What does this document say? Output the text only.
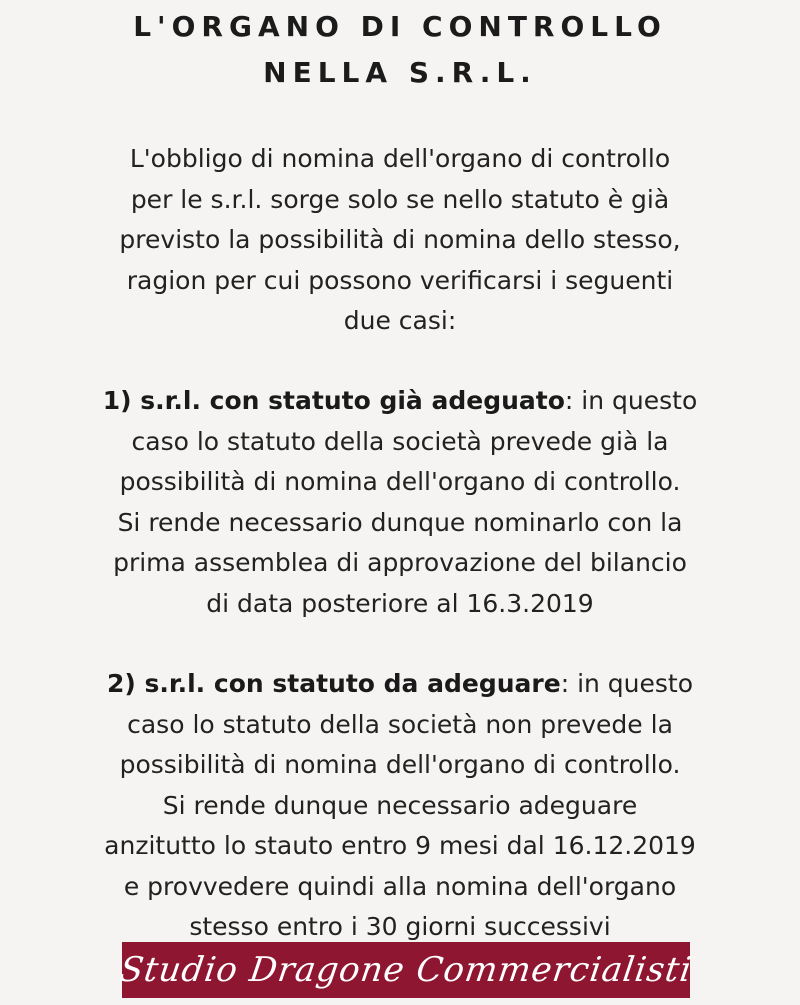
L'ORGANO DI CONTROLLO
NELLA S.R.L.
L'obbligo di nomina dell'organo di controllo
per le s.r.l. sorge solo se nello statuto è già
previsto la possibilità di nomina dello stesso,
ragion per cui possono verificarsi i seguenti
due casi:
1) s.r.l. con statuto già adeguato: in questo
caso lo statuto della società prevede già la
possibilità di nomina dell'organo di controllo.
Si rende necessario dunque nominarlo con la
prima assemblea di approvazione del bilancio
di data posteriore al 16.3.2019
2) s.r.l. con statuto da adeguare: in questo
caso lo statuto della società non prevede la
possibilità di nomina dell'organo di controllo.
Si rende dunque necessario adeguare
anzitutto lo stauto entro 9 mesi dal 16.12.2019
e provvedere quindi alla nomina dell'organo
stesso entro i 30 giorni successivi
Studio Dragone Commercialisti
